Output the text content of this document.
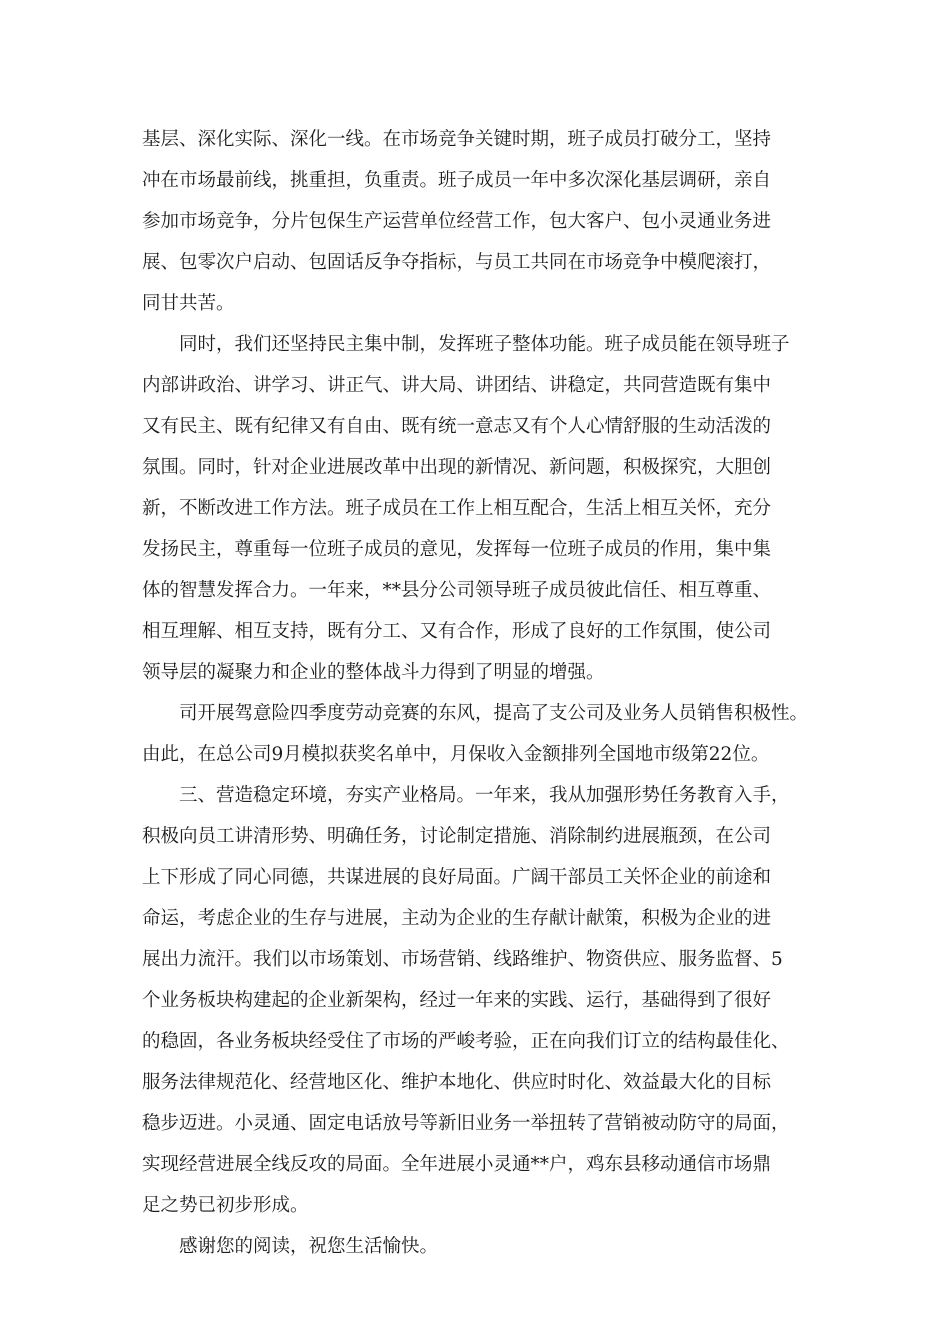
基层、深化实际、深化一线。在市场竞争关键时期，班子成员打破分工，坚持
冲在市场最前线，挑重担，负重责。班子成员一年中多次深化基层调研，亲自
参加市场竞争，分片包保生产运营单位经营工作，包大客户、包小灵通业务进
展、包零次户启动、包固话反争夺指标，与员工共同在市场竞争中模爬滚打，
同甘共苦。
　　同时，我们还坚持民主集中制，发挥班子整体功能。班子成员能在领导班子
内部讲政治、讲学习、讲正气、讲大局、讲团结、讲稳定，共同营造既有集中
又有民主、既有纪律又有自由、既有统一意志又有个人心情舒服的生动活泼的
氛围。同时，针对企业进展改革中出现的新情况、新问题，积极探究，大胆创
新，不断改进工作方法。班子成员在工作上相互配合，生活上相互关怀，充分
发扬民主，尊重每一位班子成员的意见，发挥每一位班子成员的作用，集中集
体的智慧发挥合力。一年来，**县分公司领导班子成员彼此信任、相互尊重、
相互理解、相互支持，既有分工、又有合作，形成了良好的工作氛围，使公司
领导层的凝聚力和企业的整体战斗力得到了明显的增强。
　　司开展驾意险四季度劳动竞赛的东风，提高了支公司及业务人员销售积极性。
由此，在总公司9月模拟获奖名单中，月保收入金额排列全国地市级第22位。
　　三、营造稳定环境，夯实产业格局。一年来，我从加强形势任务教育入手，
积极向员工讲清形势、明确任务，讨论制定措施、消除制约进展瓶颈，在公司
上下形成了同心同德，共谋进展的良好局面。广阔干部员工关怀企业的前途和
命运，考虑企业的生存与进展，主动为企业的生存献计献策，积极为企业的进
展出力流汗。我们以市场策划、市场营销、线路维护、物资供应、服务监督、5
个业务板块构建起的企业新架构，经过一年来的实践、运行，基础得到了很好
的稳固，各业务板块经受住了市场的严峻考验，正在向我们订立的结构最佳化、
服务法律规范化、经营地区化、维护本地化、供应时时化、效益最大化的目标
稳步迈进。小灵通、固定电话放号等新旧业务一举扭转了营销被动防守的局面，
实现经营进展全线反攻的局面。全年进展小灵通**户，鸡东县移动通信市场鼎
足之势已初步形成。
　　感谢您的阅读，祝您生活愉快。
